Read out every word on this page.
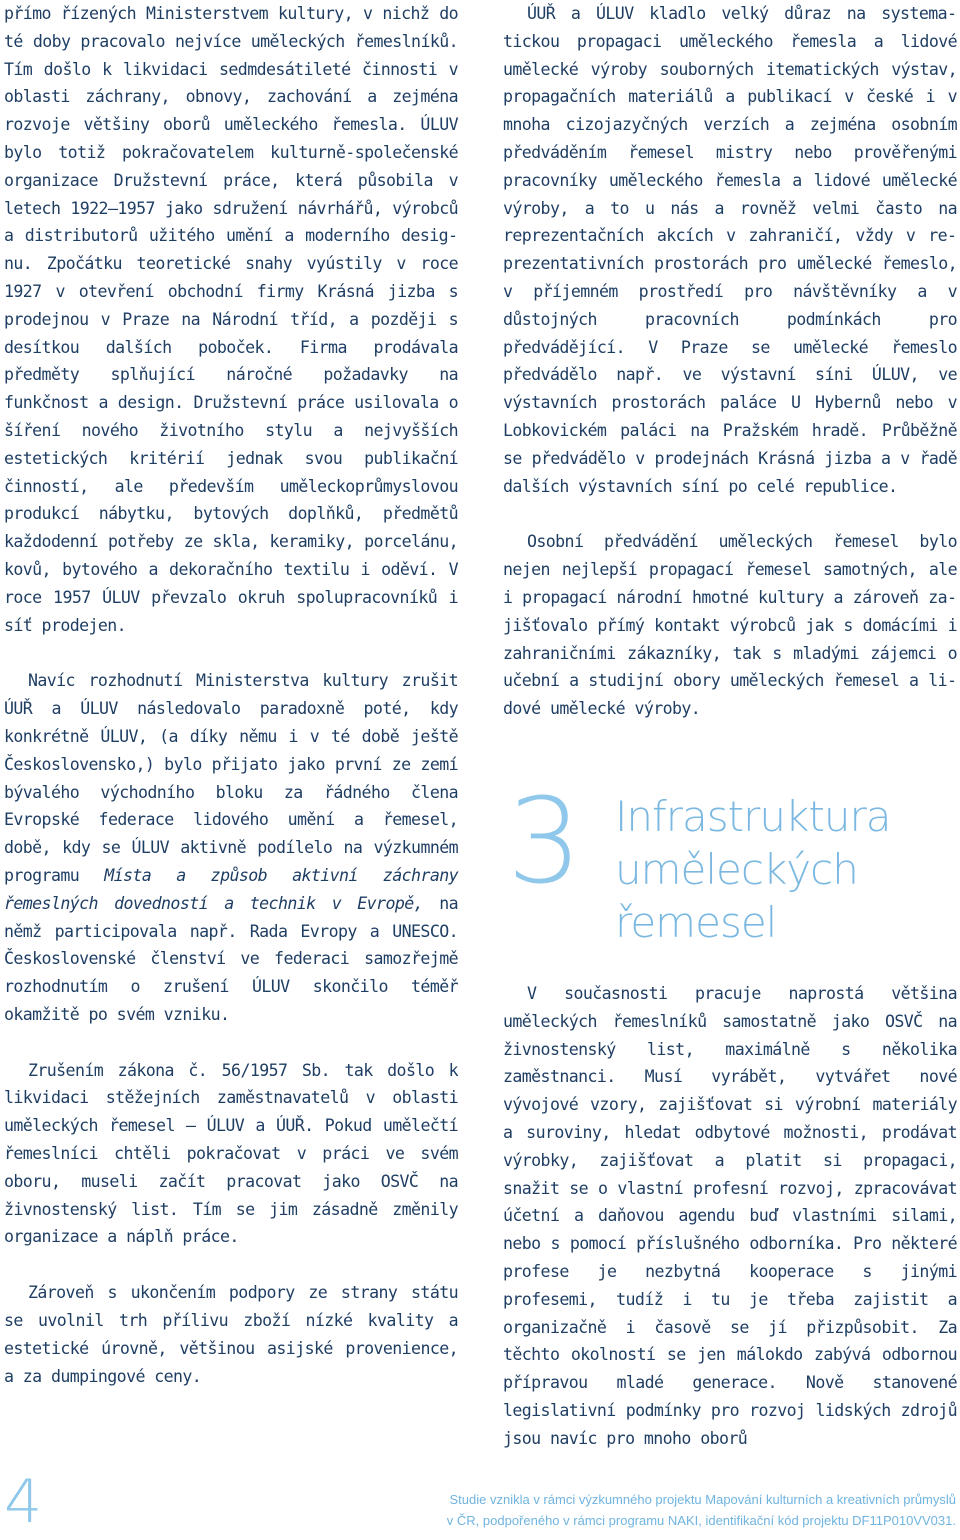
přímo řízených Ministerstvem kultury, v nichž do té doby pracovalo nejvíce uměleckých řemeslníků. Tím došlo k likvidaci sedmdesátileté činnosti v oblasti záchrany, obnovy, zachování a zejména rozvoje většiny oborů uměleckého řemesla. ÚLUV bylo totiž pokračovatelem kulturně-společenské organizace Družstevní práce, která působila v letech 1922–1957 jako sdružení návrhářů, výrobců a distributorů užitého umění a moderního designu. Zpočátku teoretické snahy vyústily v roce 1927 v otevření obchodní firmy Krásná jizba s prodejnou v Praze na Národní tříd, a později s desítkou dalších poboček. Firma prodávala předměty splňující náročné požadavky na funkčnost a design. Družstevní práce usilovala o šíření nového životního stylu a nejvyšších estetických kritérií jednak svou publikační činností, ale především uměleckoprůmyslovou produkcí nábytku, bytových doplňků, předmětů každodenní potřeby ze skla, keramiky, porcelánu, kovů, bytového a dekoračního textilu i oděví. V roce 1957 ÚLUV převzalo okruh spolupracovníků i síť prodejen.

Navíc rozhodnutí Ministerstva kultury zrušit ÚUŘ a ÚLUV následovalo paradoxně poté, kdy konkrétně ÚLUV, (a díky němu i v té době ještě Československo,) bylo přijato jako první ze zemí bývalého východního bloku za řádného člena Evropské federace lidového umění a řemesel, době, kdy se ÚLUV aktivně podílelo na výzkumném programu Místa a způsob aktivní záchrany řemeslných dovedností a technik v Evropě, na němž participovala např. Rada Evropy a UNESCO. Československé členství ve federaci samozřejmě rozhodnutím o zrušení ÚLUV skončilo téměř okamžitě po svém vzniku.

Zrušením zákona č. 56/1957 Sb. tak došlo k likvidaci stěžejních zaměstnavatelů v oblasti uměleckých řemesel – ÚLUV a ÚUŘ. Pokud umělečtí řemeslníci chtěli pokračovat v práci ve svém oboru, museli začít pracovat jako OSVČ na živnostenský list. Tím se jim zásadně změnily organizace a náplň práce.

Zároveň s ukončením podpory ze strany státu se uvolnil trh přílivu zboží nízké kvality a estetické úrovně, většinou asijské provenience, a za dumpingové ceny.

ÚUŘ a ÚLUV kladlo velký důraz na systematickou propagaci uměleckého řemesla a lidové umělecké výroby souborných itematických výstav, propagačních materiálů a publikací v české i v mnoha cizojazyčných verzích a zejména osobním předváděním řemesel mistry nebo prověřenými pracovníky uměleckého řemesla a lidové umělecké výroby, a to u nás a rovněž velmi často na reprezentačních akcích v zahraničí, vždy v reprezentativních prostorách pro umělecké řemeslo, v příjemném prostředí pro návštěvníky a v důstojných pracovních podmínkách pro předvádějící. V Praze se umělecké řemeslo předvádělo např. ve výstavní síni ÚLUV, ve výstavních prostorách paláce U Hybernů nebo v Lobkovickém paláci na Pražském hradě. Průběžně se předvádělo v prodejnách Krásná jizba a v řadě dalších výstavních síní po celé republice.

Osobní předvádění uměleckých řemesel bylo nejen nejlepší propagací řemesel samotných, ale i propagací národní hmotné kultury a zároveň zajišťovalo přímý kontakt výrobců jak s domácími i zahraničními zákazníky, tak s mladými zájemci o učební a studijní obory uměleckých řemesel a lidové umělecké výroby.

3 Infrastruktura
uměleckých
řemesel

V současnosti pracuje naprostá většina uměleckých řemeslníků samostatně jako OSVČ na živnostenský list, maximálně s několika zaměstnanci. Musí vyrábět, vytvářet nové vývojové vzory, zajišťovat si výrobní materiály a suroviny, hledat odbytové možnosti, prodávat výrobky, zajišťovat a platit si propagaci, snažit se o vlastní profesní rozvoj, zpracovávat účetní a daňovou agendu buď vlastními silami, nebo s pomocí příslušného odborníka. Pro některé profese je nezbytná kooperace s jinými profesemi, tudíž i tu je třeba zajistit a organizačně i časově se jí přizpůsobit. Za těchto okolností se jen málokdo zabývá odbornou přípravou mladé generace. Nově stanovené legislativní podmínky pro rozvoj lidských zdrojů jsou navíc pro mnoho oborů

4	Studie vznikla v rámci výzkumného projektu Mapování kulturních a kreativních průmyslů
v ČR, podpořeného v rámci programu NAKI, identifikační kód projektu DF11P010VV031.
